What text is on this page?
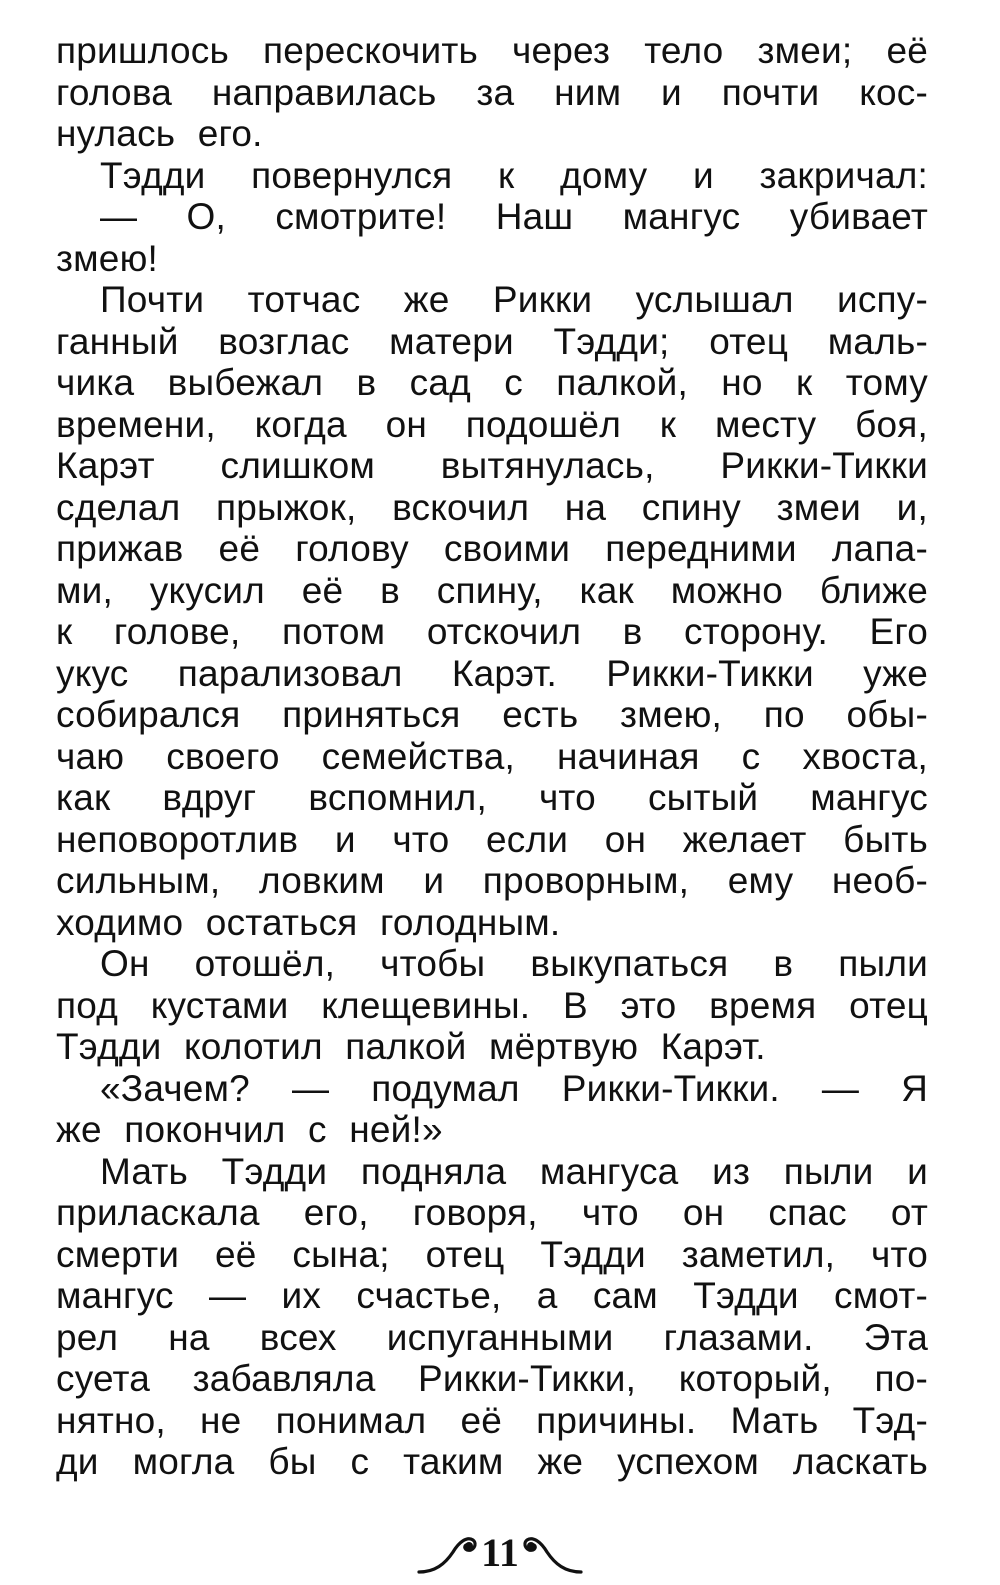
пришлось перескочить через тело змеи; её
голова направилась за ним и почти кос-
нулась его.
Тэдди повернулся к дому и закричал:
— О, смотрите! Наш мангус убивает
змею!
Почти тотчас же Рикки услышал испу-
ганный возглас матери Тэдди; отец маль-
чика выбежал в сад с палкой, но к тому
времени, когда он подошёл к месту боя,
Карэт слишком вытянулась, Рикки-Тикки
сделал прыжок, вскочил на спину змеи и,
прижав её голову своими передними лапа-
ми, укусил её в спину, как можно ближе
к голове, потом отскочил в сторону. Его
укус парализовал Карэт. Рикки-Тикки уже
собирался приняться есть змею, по обы-
чаю своего семейства, начиная с хвоста,
как вдруг вспомнил, что сытый мангус
неповоротлив и что если он желает быть
сильным, ловким и проворным, ему необ-
ходимо остаться голодным.
Он отошёл, чтобы выкупаться в пыли
под кустами клещевины. В это время отец
Тэдди колотил палкой мёртвую Карэт.
«Зачем? — подумал Рикки-Тикки. — Я
же покончил с ней!»
Мать Тэдди подняла мангуса из пыли и
приласкала его, говоря, что он спас от
смерти её сына; отец Тэдди заметил, что
мангус — их счастье, а сам Тэдди смот-
рел на всех испуганными глазами. Эта
суета забавляла Рикки-Тикки, который, по-
нятно, не понимал её причины. Мать Тэд-
ди могла бы с таким же успехом ласкать
11
